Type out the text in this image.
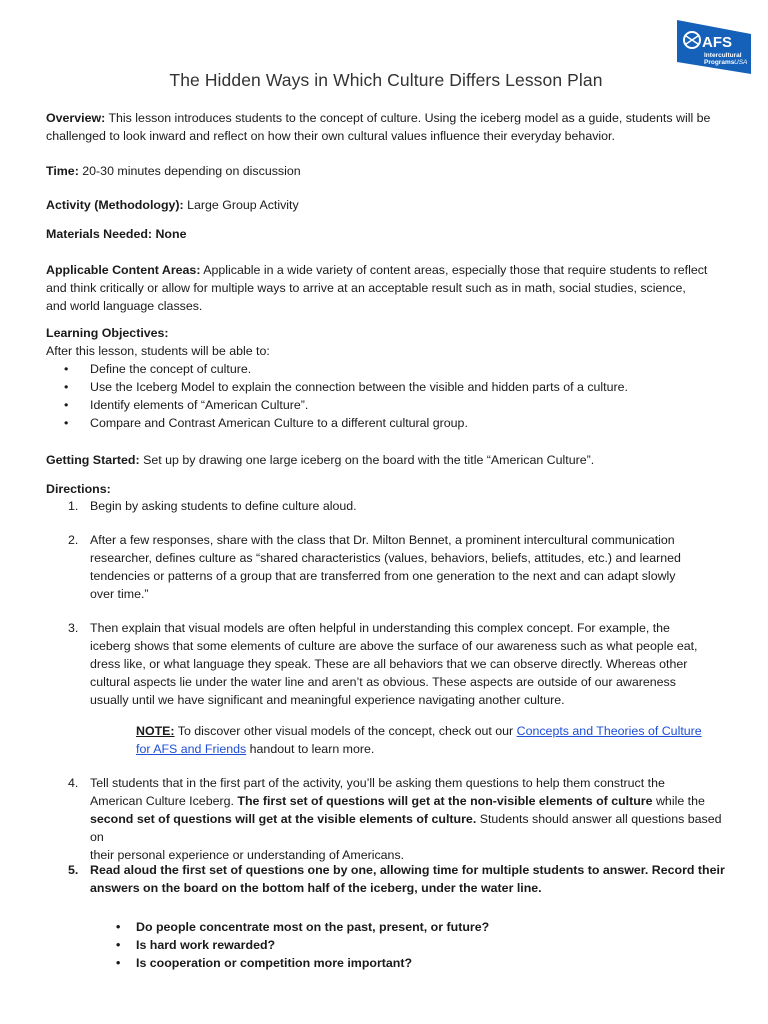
AFS
Intercultural
Programs USA
The Hidden Ways in Which Culture Differs Lesson Plan
Overview: This lesson introduces students to the concept of culture. Using the iceberg model as a guide, students will be
challenged to look inward and reflect on how their own cultural values influence their everyday behavior.
Time: 20-30 minutes depending on discussion
Activity (Methodology): Large Group Activity
Materials Needed: None
Applicable Content Areas: Applicable in a wide variety of content areas, especially those that require students to reflect
and think critically or allow for multiple ways to arrive at an acceptable result such as in math, social studies, science,
and world language classes.
Learning Objectives:
After this lesson, students will be able to:
• Define the concept of culture.
• Use the Iceberg Model to explain the connection between the visible and hidden parts of a culture.
• Identify elements of “American Culture”.
• Compare and Contrast American Culture to a different cultural group.
Getting Started: Set up by drawing one large iceberg on the board with the title “American Culture”.
Directions:
1. Begin by asking students to define culture aloud.
2. After a few responses, share with the class that Dr. Milton Bennet, a prominent intercultural communication
researcher, defines culture as “shared characteristics (values, behaviors, beliefs, attitudes, etc.) and learned
tendencies or patterns of a group that are transferred from one generation to the next and can adapt slowly
over time.”
3. Then explain that visual models are often helpful in understanding this complex concept. For example, the
iceberg shows that some elements of culture are above the surface of our awareness such as what people eat,
dress like, or what language they speak. These are all behaviors that we can observe directly. Whereas other
cultural aspects lie under the water line and aren’t as obvious. These aspects are outside of our awareness
usually until we have significant and meaningful experience navigating another culture.
NOTE: To discover other visual models of the concept, check out our Concepts and Theories of Culture
for AFS and Friends handout to learn more.
4. Tell students that in the first part of the activity, you’ll be asking them questions to help them construct the
American Culture Iceberg. The first set of questions will get at the non-visible elements of culture while the
second set of questions will get at the visible elements of culture. Students should answer all questions based on
their personal experience or understanding of Americans.
5. Read aloud the first set of questions one by one, allowing time for multiple students to answer. Record their
answers on the board on the bottom half of the iceberg, under the water line.
• Do people concentrate most on the past, present, or future?
• Is hard work rewarded?
• Is cooperation or competition more important?
